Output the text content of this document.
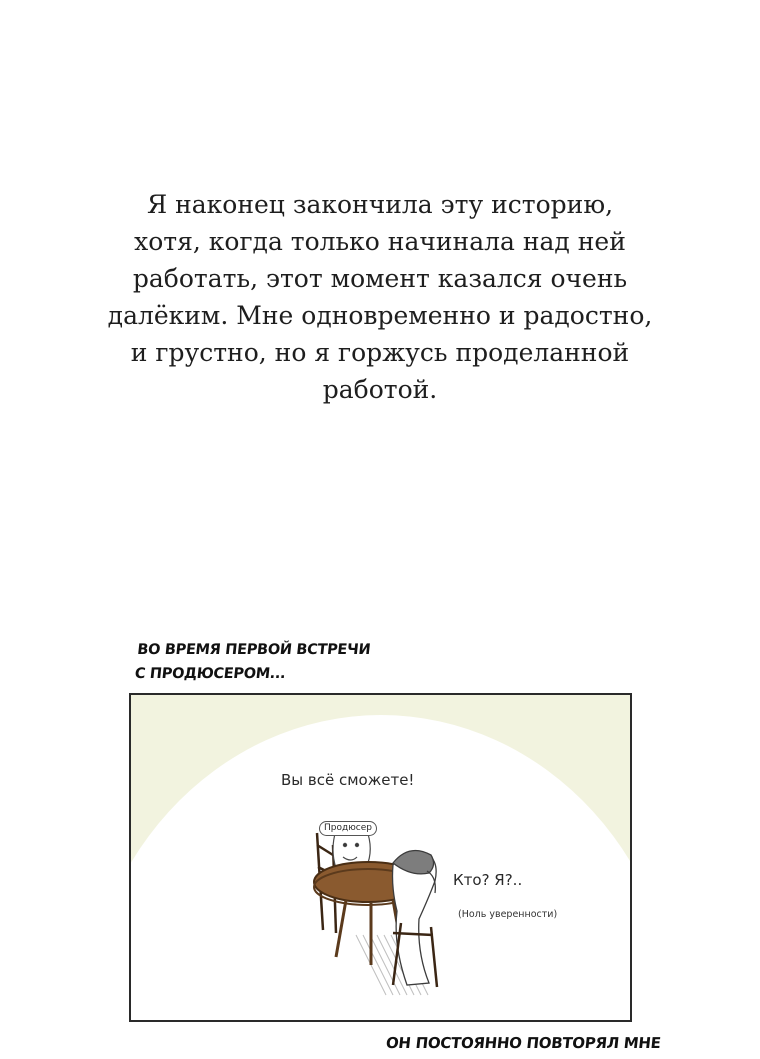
Я наконец закончила эту историю,
хотя, когда только начинала над ней
работать, этот момент казался очень
далёким. Мне одновременно и радостно,
и грустно, но я горжусь проделанной
работой.
ВО ВРЕМЯ ПЕРВОЙ ВСТРЕЧИ
С ПРОДЮСЕРОМ...
Вы всё сможете!
Продюсер
Кто? Я?..
(Ноль уверенности)
ОН ПОСТОЯННО ПОВТОРЯЛ МНЕ
